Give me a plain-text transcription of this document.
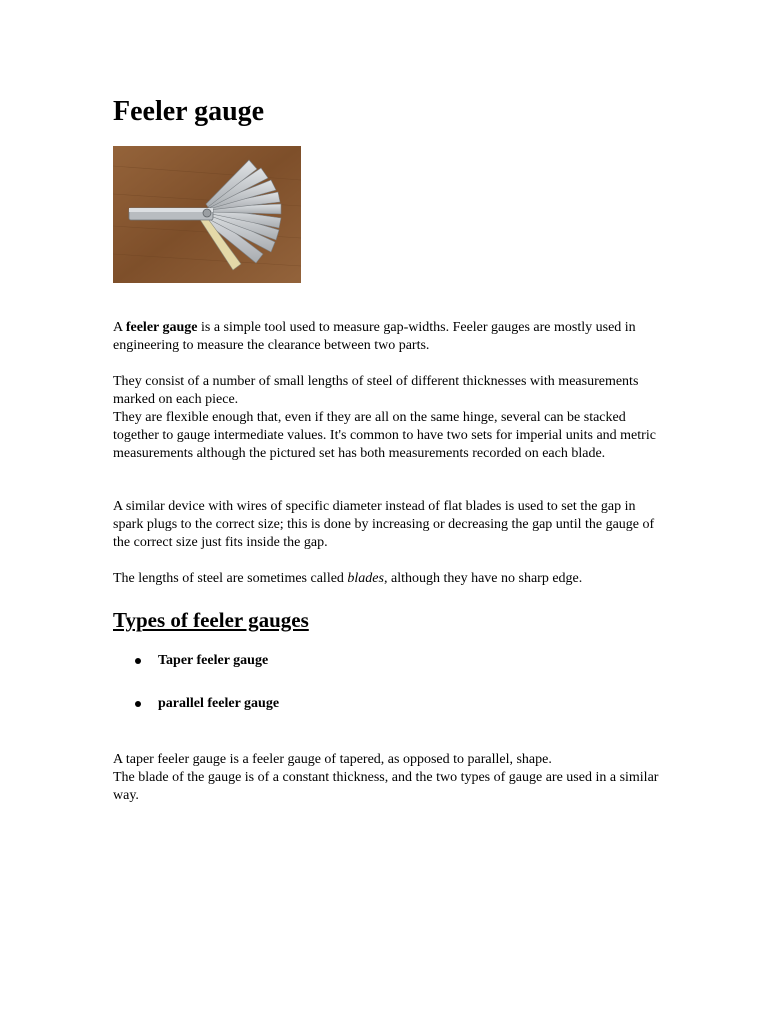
Feeler gauge

A feeler gauge is a simple tool used to measure gap-widths. Feeler gauges are mostly used in engineering to measure the clearance between two parts.

They consist of a number of small lengths of steel of different thicknesses with measurements marked on each piece.
They are flexible enough that, even if they are all on the same hinge, several can be stacked together to gauge intermediate values. It's common to have two sets for imperial units and metric measurements although the pictured set has both measurements recorded on each blade.

A similar device with wires of specific diameter instead of flat blades is used to set the gap in spark plugs to the correct size; this is done by increasing or decreasing the gap until the gauge of the correct size just fits inside the gap.

The lengths of steel are sometimes called blades, although they have no sharp edge.

Types of feeler gauges
Taper feeler gauge
parallel feeler gauge

A taper feeler gauge is a feeler gauge of tapered, as opposed to parallel, shape.
The blade of the gauge is of a constant thickness, and the two types of gauge are used in a similar way.
